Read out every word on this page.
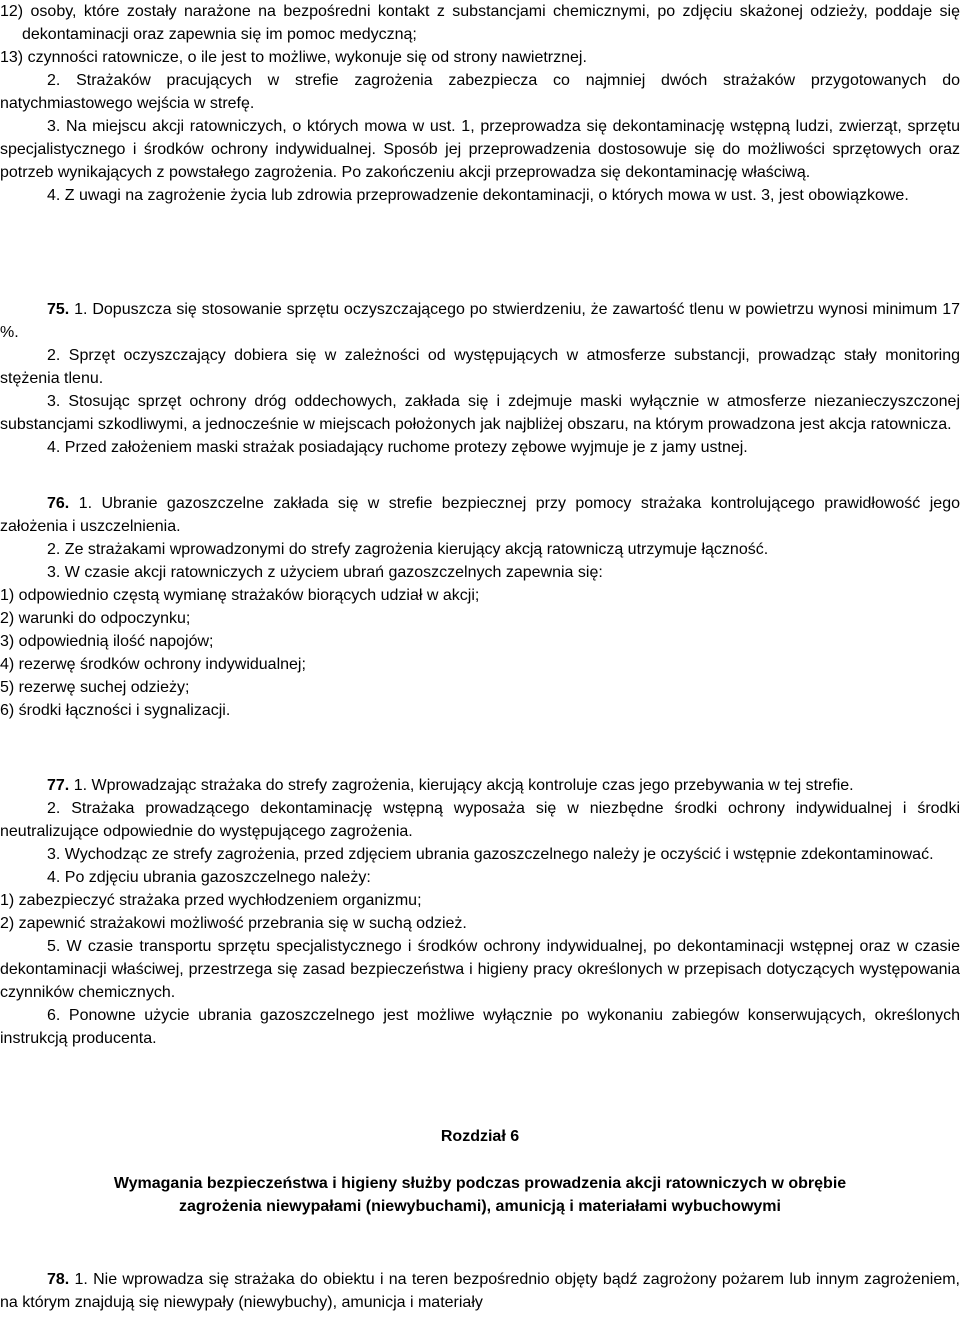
12) osoby, które zostały narażone na bezpośredni kontakt z substancjami chemicznymi, po zdjęciu skażonej odzieży, poddaje się dekontaminacji oraz zapewnia się im pomoc medyczną;

13) czynności ratownicze, o ile jest to możliwe, wykonuje się od strony nawietrznej.

2. Strażaków pracujących w strefie zagrożenia zabezpiecza co najmniej dwóch strażaków przygotowanych do natychmiastowego wejścia w strefę.

3. Na miejscu akcji ratowniczych, o których mowa w ust. 1, przeprowadza się dekontaminację wstępną ludzi, zwierząt, sprzętu specjalistycznego i środków ochrony indywidualnej. Sposób jej przeprowadzenia dostosowuje się do możliwości sprzętowych oraz potrzeb wynikających z powstałego zagrożenia. Po zakończeniu akcji przeprowadza się dekontaminację właściwą.

4. Z uwagi na zagrożenie życia lub zdrowia przeprowadzenie dekontaminacji, o których mowa w ust. 3, jest obowiązkowe.

75. 1. Dopuszcza się stosowanie sprzętu oczyszczającego po stwierdzeniu, że zawartość tlenu w powietrzu wynosi minimum 17 %.

2. Sprzęt oczyszczający dobiera się w zależności od występujących w atmosferze substancji, prowadząc stały monitoring stężenia tlenu.

3. Stosując sprzęt ochrony dróg oddechowych, zakłada się i zdejmuje maski wyłącznie w atmosferze niezanieczyszczonej substancjami szkodliwymi, a jednocześnie w miejscach położonych jak najbliżej obszaru, na którym prowadzona jest akcja ratownicza.

4. Przed założeniem maski strażak posiadający ruchome protezy zębowe wyjmuje je z jamy ustnej.

76. 1. Ubranie gazoszczelne zakłada się w strefie bezpiecznej przy pomocy strażaka kontrolującego prawidłowość jego założenia i uszczelnienia.

2. Ze strażakami wprowadzonymi do strefy zagrożenia kierujący akcją ratowniczą utrzymuje łączność.

3. W czasie akcji ratowniczych z użyciem ubrań gazoszczelnych zapewnia się:

1) odpowiednio częstą wymianę strażaków biorących udział w akcji;

2) warunki do odpoczynku;

3) odpowiednią ilość napojów;

4) rezerwę środków ochrony indywidualnej;

5) rezerwę suchej odzieży;

6) środki łączności i sygnalizacji.

77. 1. Wprowadzając strażaka do strefy zagrożenia, kierujący akcją kontroluje czas jego przebywania w tej strefie.

2. Strażaka prowadzącego dekontaminację wstępną wyposaża się w niezbędne środki ochrony indywidualnej i środki neutralizujące odpowiednie do występującego zagrożenia.

3. Wychodząc ze strefy zagrożenia, przed zdjęciem ubrania gazoszczelnego należy je oczyścić i wstępnie zdekontaminować.

4. Po zdjęciu ubrania gazoszczelnego należy:

1) zabezpieczyć strażaka przed wychłodzeniem organizmu;

2) zapewnić strażakowi możliwość przebrania się w suchą odzież.

5. W czasie transportu sprzętu specjalistycznego i środków ochrony indywidualnej, po dekontaminacji wstępnej oraz w czasie dekontaminacji właściwej, przestrzega się zasad bezpieczeństwa i higieny pracy określonych w przepisach dotyczących występowania czynników chemicznych.

6. Ponowne użycie ubrania gazoszczelnego jest możliwe wyłącznie po wykonaniu zabiegów konserwujących, określonych instrukcją producenta.

Rozdział 6

Wymagania bezpieczeństwa i higieny służby podczas prowadzenia akcji ratowniczych w obrębie

zagrożenia niewypałami (niewybuchami), amunicją i materiałami wybuchowymi

78. 1. Nie wprowadza się strażaka do obiektu i na teren bezpośrednio objęty bądź zagrożony pożarem lub innym zagrożeniem, na którym znajdują się niewypały (niewybuchy), amunicja i materiały
